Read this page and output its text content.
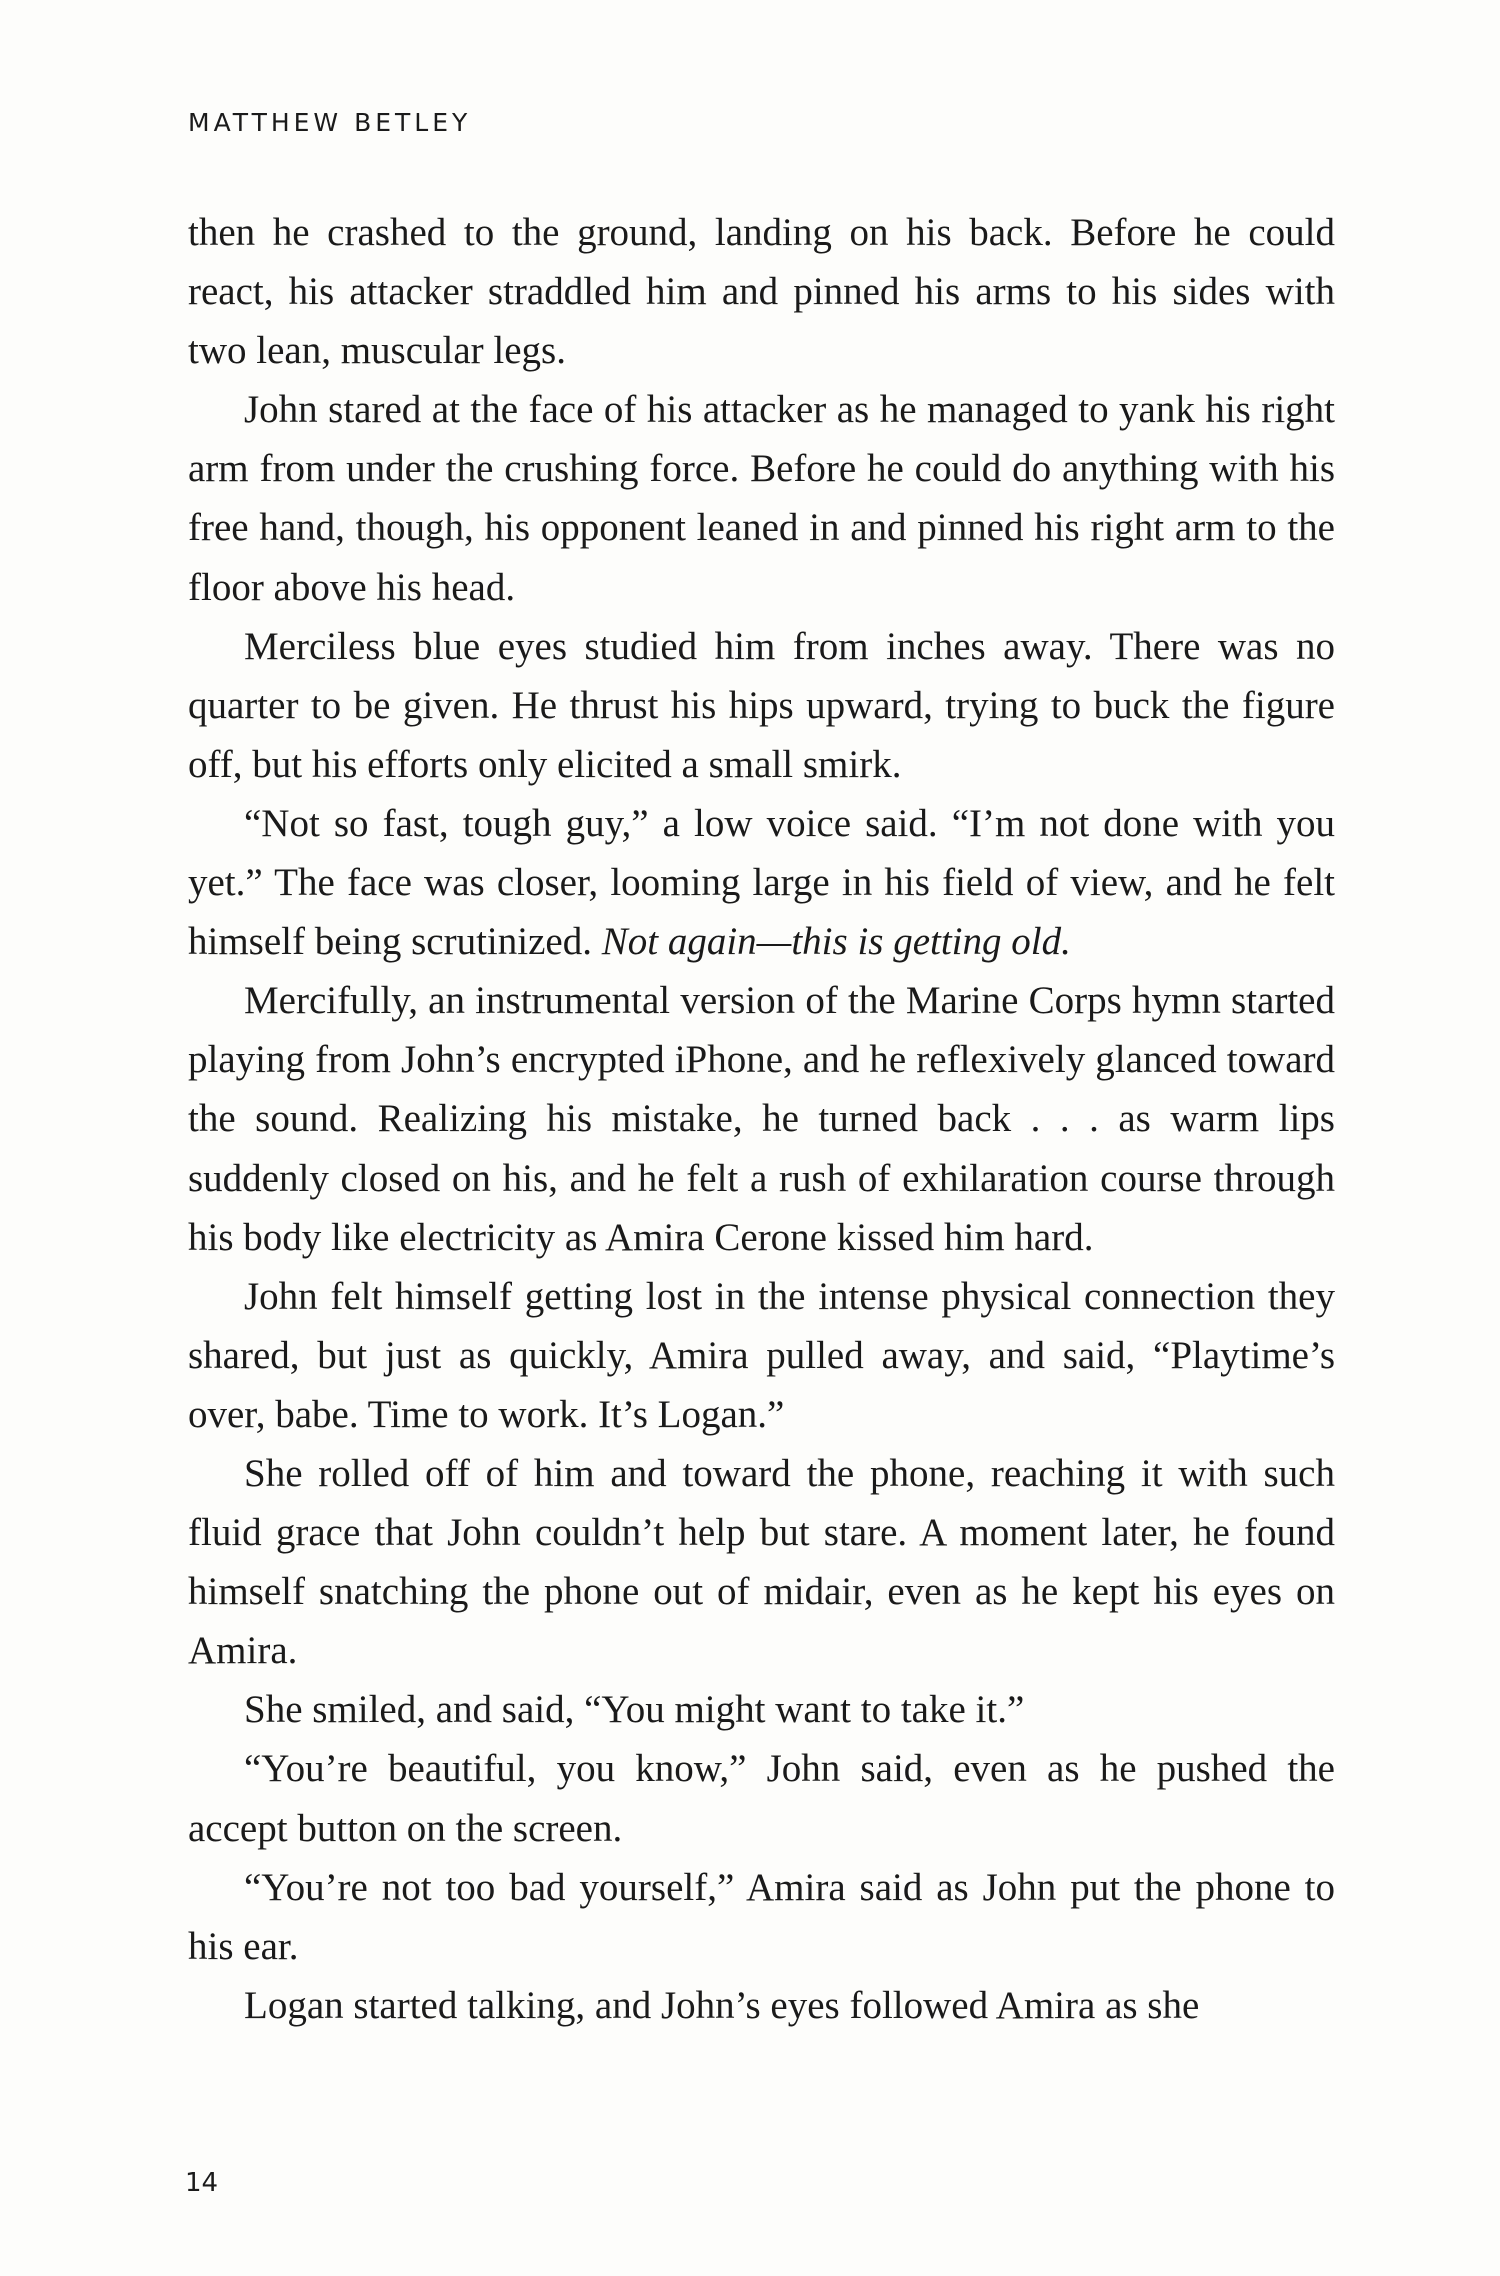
MATTHEW BETLEY

then he crashed to the ground, landing on his back. Before he could react, his attacker straddled him and pinned his arms to his sides with two lean, muscular legs.

John stared at the face of his attacker as he managed to yank his right arm from under the crushing force. Before he could do anything with his free hand, though, his opponent leaned in and pinned his right arm to the floor above his head.

Merciless blue eyes studied him from inches away. There was no quarter to be given. He thrust his hips upward, trying to buck the figure off, but his efforts only elicited a small smirk.

“Not so fast, tough guy,” a low voice said. “I’m not done with you yet.” The face was closer, looming large in his field of view, and he felt himself being scrutinized. Not again—this is getting old.

Mercifully, an instrumental version of the Marine Corps hymn started playing from John’s encrypted iPhone, and he reflexively glanced toward the sound. Realizing his mistake, he turned back . . . as warm lips suddenly closed on his, and he felt a rush of exhilaration course through his body like electricity as Amira Cerone kissed him hard.

John felt himself getting lost in the intense physical connection they shared, but just as quickly, Amira pulled away, and said, “Playtime’s over, babe. Time to work. It’s Logan.”

She rolled off of him and toward the phone, reaching it with such fluid grace that John couldn’t help but stare. A moment later, he found himself snatching the phone out of midair, even as he kept his eyes on Amira.

She smiled, and said, “You might want to take it.”

“You’re beautiful, you know,” John said, even as he pushed the accept button on the screen.

“You’re not too bad yourself,” Amira said as John put the phone to his ear.

Logan started talking, and John’s eyes followed Amira as she

14
